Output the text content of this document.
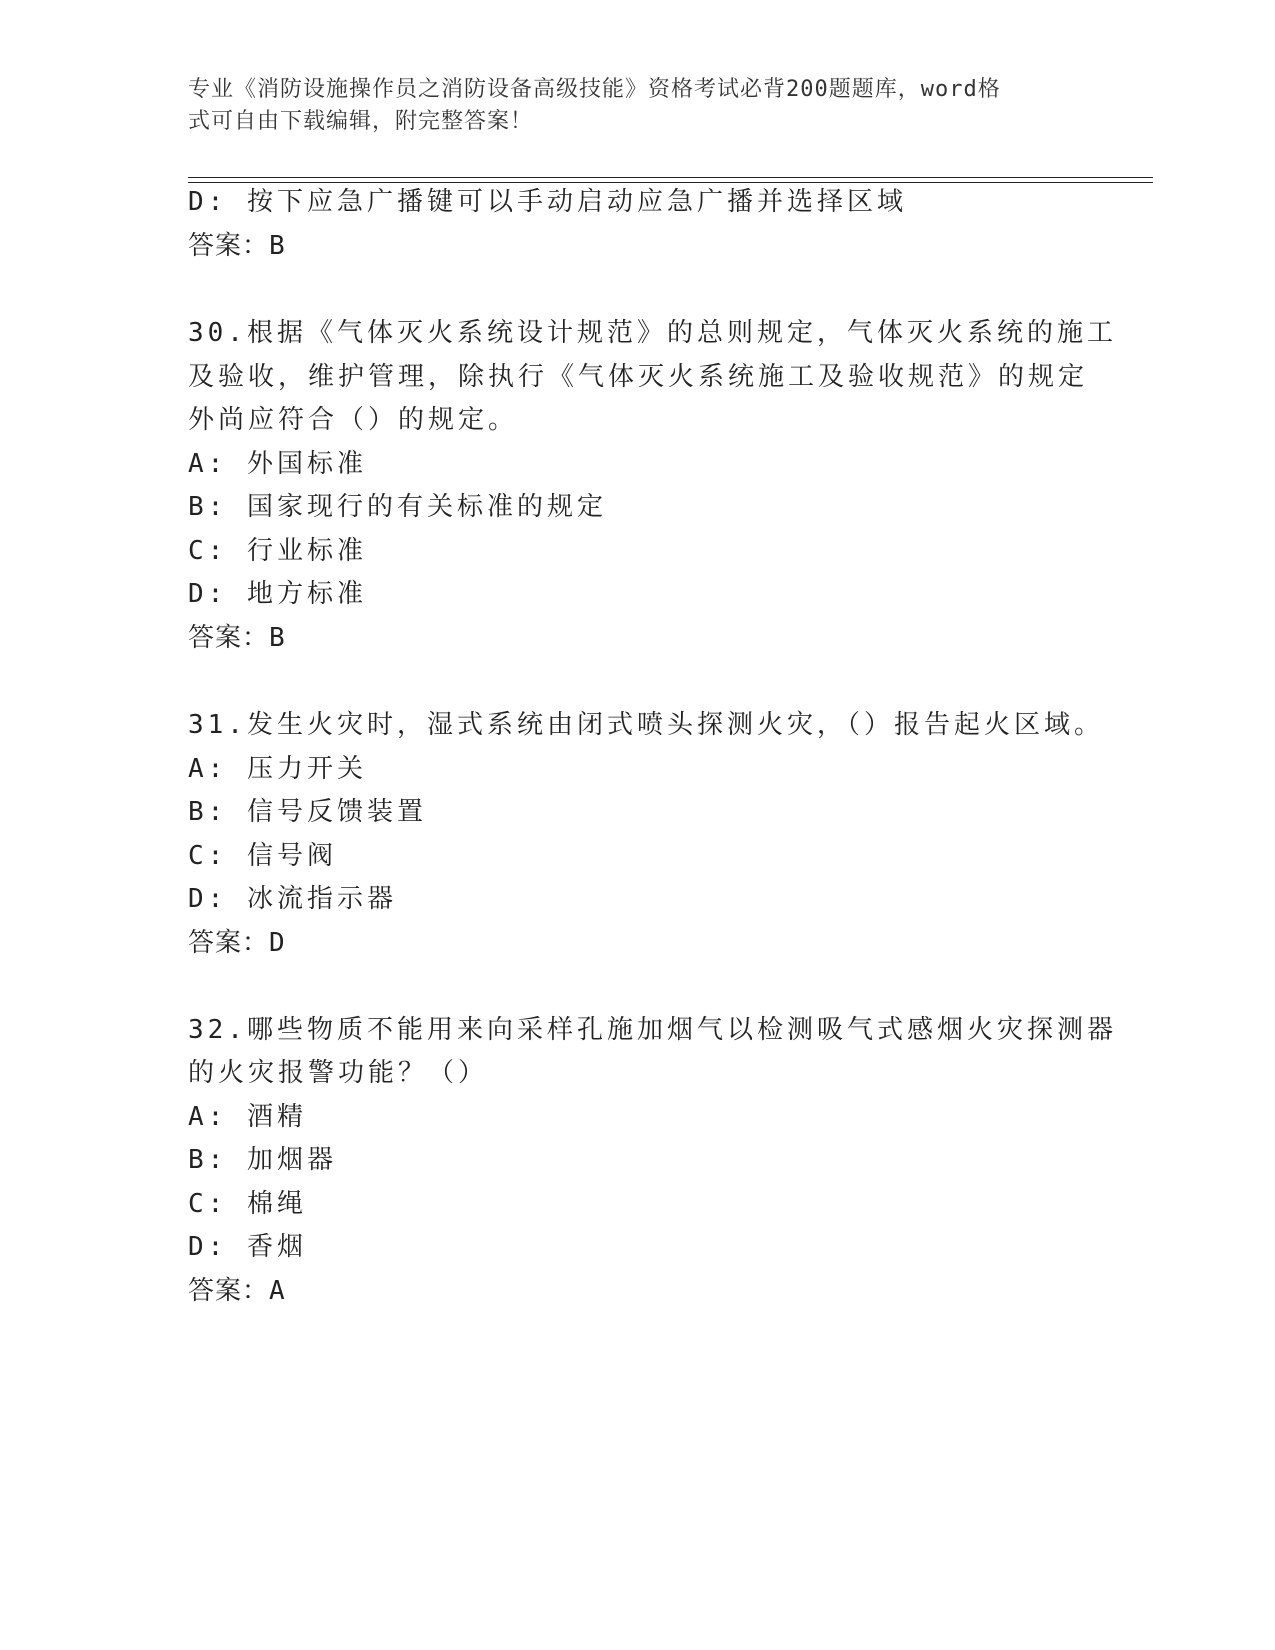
专业《消防设施操作员之消防设备高级技能》资格考试必背200题题库，word格
式可自由下载编辑，附完整答案！
D: 按下应急广播键可以手动启动应急广播并选择区域
答案：B
30.根据《气体灭火系统设计规范》的总则规定，气体灭火系统的施工
及验收，维护管理，除执行《气体灭火系统施工及验收规范》的规定
外尚应符合（）的规定。
A: 外国标准
B: 国家现行的有关标准的规定
C: 行业标准
D: 地方标准
答案：B
31.发生火灾时，湿式系统由闭式喷头探测火灾，（）报告起火区域。
A: 压力开关
B: 信号反馈装置
C: 信号阀
D: 冰流指示器
答案：D
32.哪些物质不能用来向采样孔施加烟气以检测吸气式感烟火灾探测器
的火灾报警功能？（）
A: 酒精
B: 加烟器
C: 棉绳
D: 香烟
答案：A
